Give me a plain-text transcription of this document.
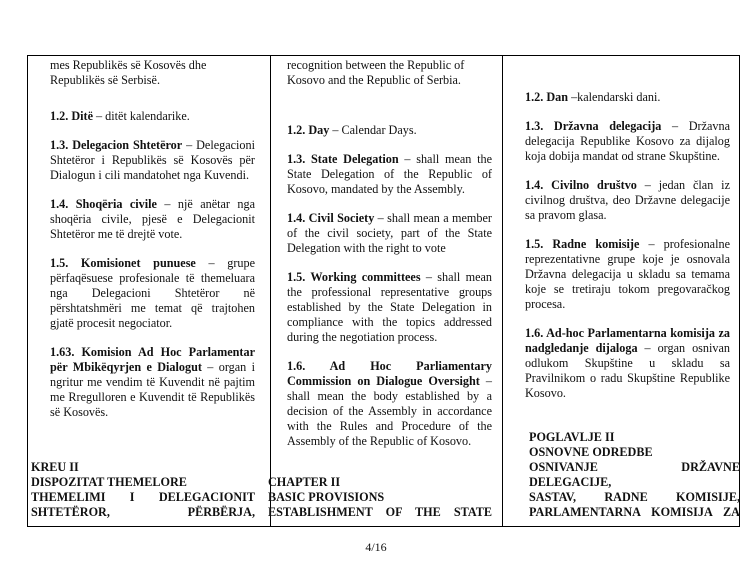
mes Republikës së Kosovës dhe
Republikës së Serbisë.

1.2. Ditë – ditët kalendarike.

1.3. Delegacion Shtetëror – Delegacioni Shtetëror i Republikës së Kosovës për Dialogun i cili mandatohet nga Kuvendi.

1.4. Shoqëria civile – një anëtar nga shoqëria civile, pjesë e Delegacionit Shtetëror me të drejtë vote.

1.5. Komisionet punuese – grupe përfaqësuese profesionale të themeluara nga Delegacioni Shtetëror në përshtatshmëri me temat që trajtohen gjatë procesit negociator.

1.63. Komision Ad Hoc Parlamentar për Mbikëqyrjen e Dialogut – organ i ngritur me vendim të Kuvendit në pajtim me Rregulloren e Kuvendit të Republikës së Kosovës.

KREU II
DISPOZITAT THEMELORE
THEMELIMI I DELEGACIONIT
SHTETËROR, PËRBËRJA,

recognition between the Republic of
Kosovo and the Republic of Serbia.

1.2. Day – Calendar Days.

1.3. State Delegation – shall mean the State Delegation of the Republic of Kosovo, mandated by the Assembly.

1.4. Civil Society – shall mean a member of the civil society, part of the State Delegation with the right to vote

1.5. Working committees – shall mean the professional representative groups established by the State Delegation in compliance with the topics addressed during the negotiation process.

1.6. Ad Hoc Parliamentary Commission on Dialogue Oversight – shall mean the body established by a decision of the Assembly in accordance with the Rules and Procedure of the Assembly of the Republic of Kosovo.

CHAPTER II
BASIC PROVISIONS
ESTABLISHMENT OF THE STATE

1.2. Dan –kalendarski dani.

1.3. Državna delegacija – Državna delegacija Republike Kosovo za dijalog koja dobija mandat od strane Skupštine.

1.4. Civilno društvo – jedan član iz civilnog društva, deo Državne delegacije sa pravom glasa.

1.5. Radne komisije – profesionalne reprezentativne grupe koje je osnovala Državna delegacija u skladu sa temama koje se tretiraju tokom pregovaračkog procesa.

1.6. Ad-hoc Parlamentarna komisija za nadgledanje dijaloga – organ osnivan odlukom Skupštine u skladu sa Pravilnikom o radu Skupštine Republike Kosovo.

POGLAVLJE II
OSNOVNE ODREDBE
OSNIVANJE DRŽAVNE DELEGACIJE,
SASTAV, RADNE KOMISIJE,
PARLAMENTARNA KOMISIJA ZA
4/16
